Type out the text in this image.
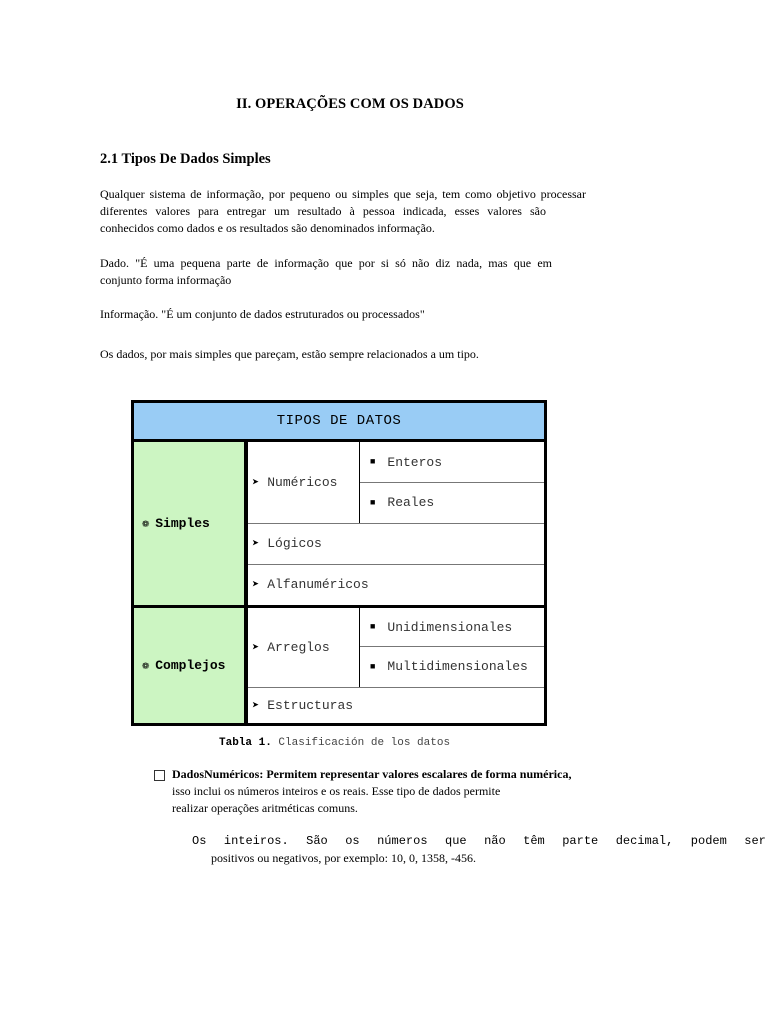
II. OPERAÇÕES COM OS DADOS
2.1 Tipos De Dados Simples
Qualquer sistema de informação, por pequeno ou simples que seja, tem como objetivo processar
diferentes valores para entregar um resultado à pessoa indicada, esses valores são
conhecidos como dados e os resultados são denominados informação.
Dado. "É uma pequena parte de informação que por si só não diz nada, mas que em
conjunto forma informação
Informação. "É um conjunto de dados estruturados ou processados"
Os dados, por mais simples que pareçam, estão sempre relacionados a um tipo.
TIPOS DE DATOS
❁ Simples
➤ Numéricos
■ Enteros
■ Reales
➤ Lógicos
➤ Alfanuméricos
❁ Complejos
➤ Arreglos
■ Unidimensionales
■ Multidimensionales
➤ Estructuras
Tabla 1. Clasificación de los datos
DadosNuméricos: Permitem representar valores escalares de forma numérica,
isso inclui os números inteiros e os reais. Esse tipo de dados permite
realizar operações aritméticas comuns.
Os inteiros. São os números que não têm parte decimal, podem ser
positivos ou negativos, por exemplo: 10, 0, 1358, -456.
